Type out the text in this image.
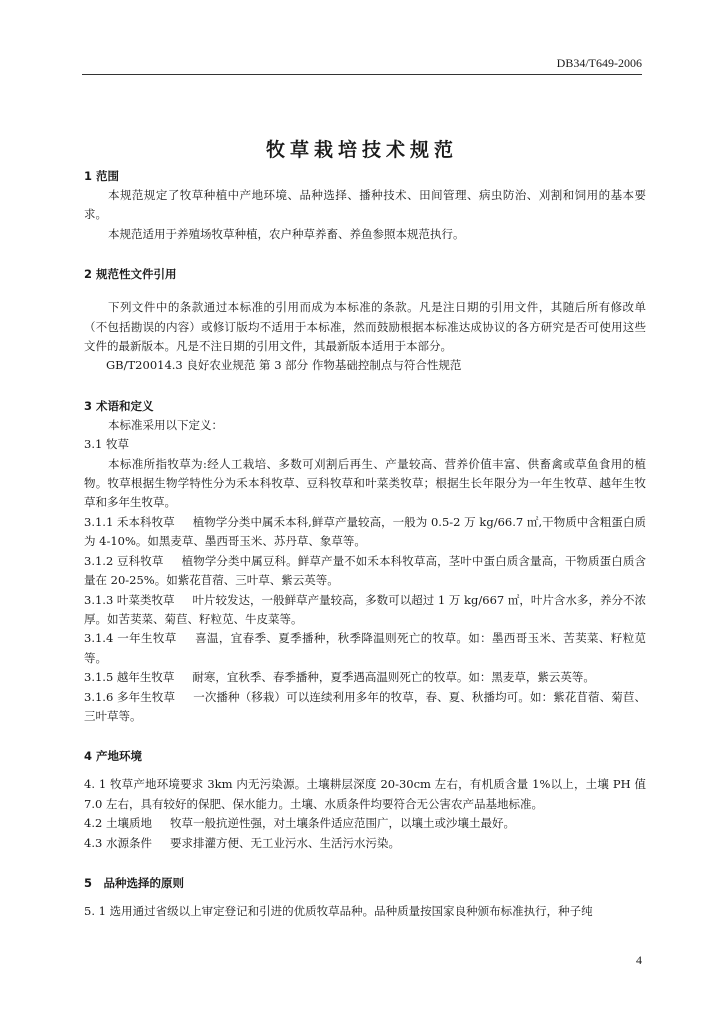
DB34/T649-2006
牧草栽培技术规范
1 范围

本规范规定了牧草种植中产地环境、品种选择、播种技术、田间管理、病虫防治、刈割和饲用的基本要求。

本规范适用于养殖场牧草种植，农户种草养畜、养鱼参照本规范执行。

2 规范性文件引用

下列文件中的条款通过本标准的引用而成为本标准的条款。凡是注日期的引用文件，其随后所有修改单（不包括勘误的内容）或修订版均不适用于本标准，然而鼓励根据本标准达成协议的各方研究是否可使用这些文件的最新版本。凡是不注日期的引用文件，其最新版本适用于本部分。

GB/T20014.3 良好农业规范 第 3 部分 作物基础控制点与符合性规范

3 术语和定义

本标准采用以下定义：

3.1 牧草

本标准所指牧草为:经人工栽培、多数可刈割后再生、产量较高、营养价值丰富、供畜禽或草鱼食用的植物。牧草根据生物学特性分为禾本科牧草、豆科牧草和叶菜类牧草；根据生长年限分为一年生牧草、越年生牧草和多年生牧草。

3.1.1 禾本科牧草 植物学分类中属禾本科,鲜草产量较高，一般为 0.5-2 万 kg/66.7 ㎡,干物质中含粗蛋白质为 4-10%。如黑麦草、墨西哥玉米、苏丹草、象草等。

3.1.2 豆科牧草 植物学分类中属豆科。鲜草产量不如禾本科牧草高，茎叶中蛋白质含量高，干物质蛋白质含量在 20-25%。如紫花苜蓿、三叶草、紫云英等。

3.1.3 叶菜类牧草 叶片较发达，一般鲜草产量较高，多数可以超过 1 万 kg/667 ㎡，叶片含水多，养分不浓厚。如苦荬菜、菊苣、籽粒苋、牛皮菜等。

3.1.4 一年生牧草 喜温，宜春季、夏季播种，秋季降温则死亡的牧草。如：墨西哥玉米、苦荬菜、籽粒苋等。

3.1.5 越年生牧草 耐寒，宜秋季、春季播种，夏季遇高温则死亡的牧草。如：黑麦草，紫云英等。

3.1.6 多年生牧草 一次播种（移栽）可以连续利用多年的牧草，春、夏、秋播均可。如：紫花苜蓿、菊苣、三叶草等。

4 产地环境

4. 1 牧草产地环境要求 3km 内无污染源。土壤耕层深度 20-30cm 左右，有机质含量 1%以上，土壤 PH 值 7.0 左右，具有较好的保肥、保水能力。土壤、水质条件均要符合无公害农产品基地标准。

4.2 土壤质地 牧草一般抗逆性强，对土壤条件适应范围广，以壤土或沙壤土最好。

4.3 水源条件 要求排灌方便、无工业污水、生活污水污染。

5　品种选择的原则

5. 1 选用通过省级以上审定登记和引进的优质牧草品种。品种质量按国家良种颁布标准执行，种子纯

4
